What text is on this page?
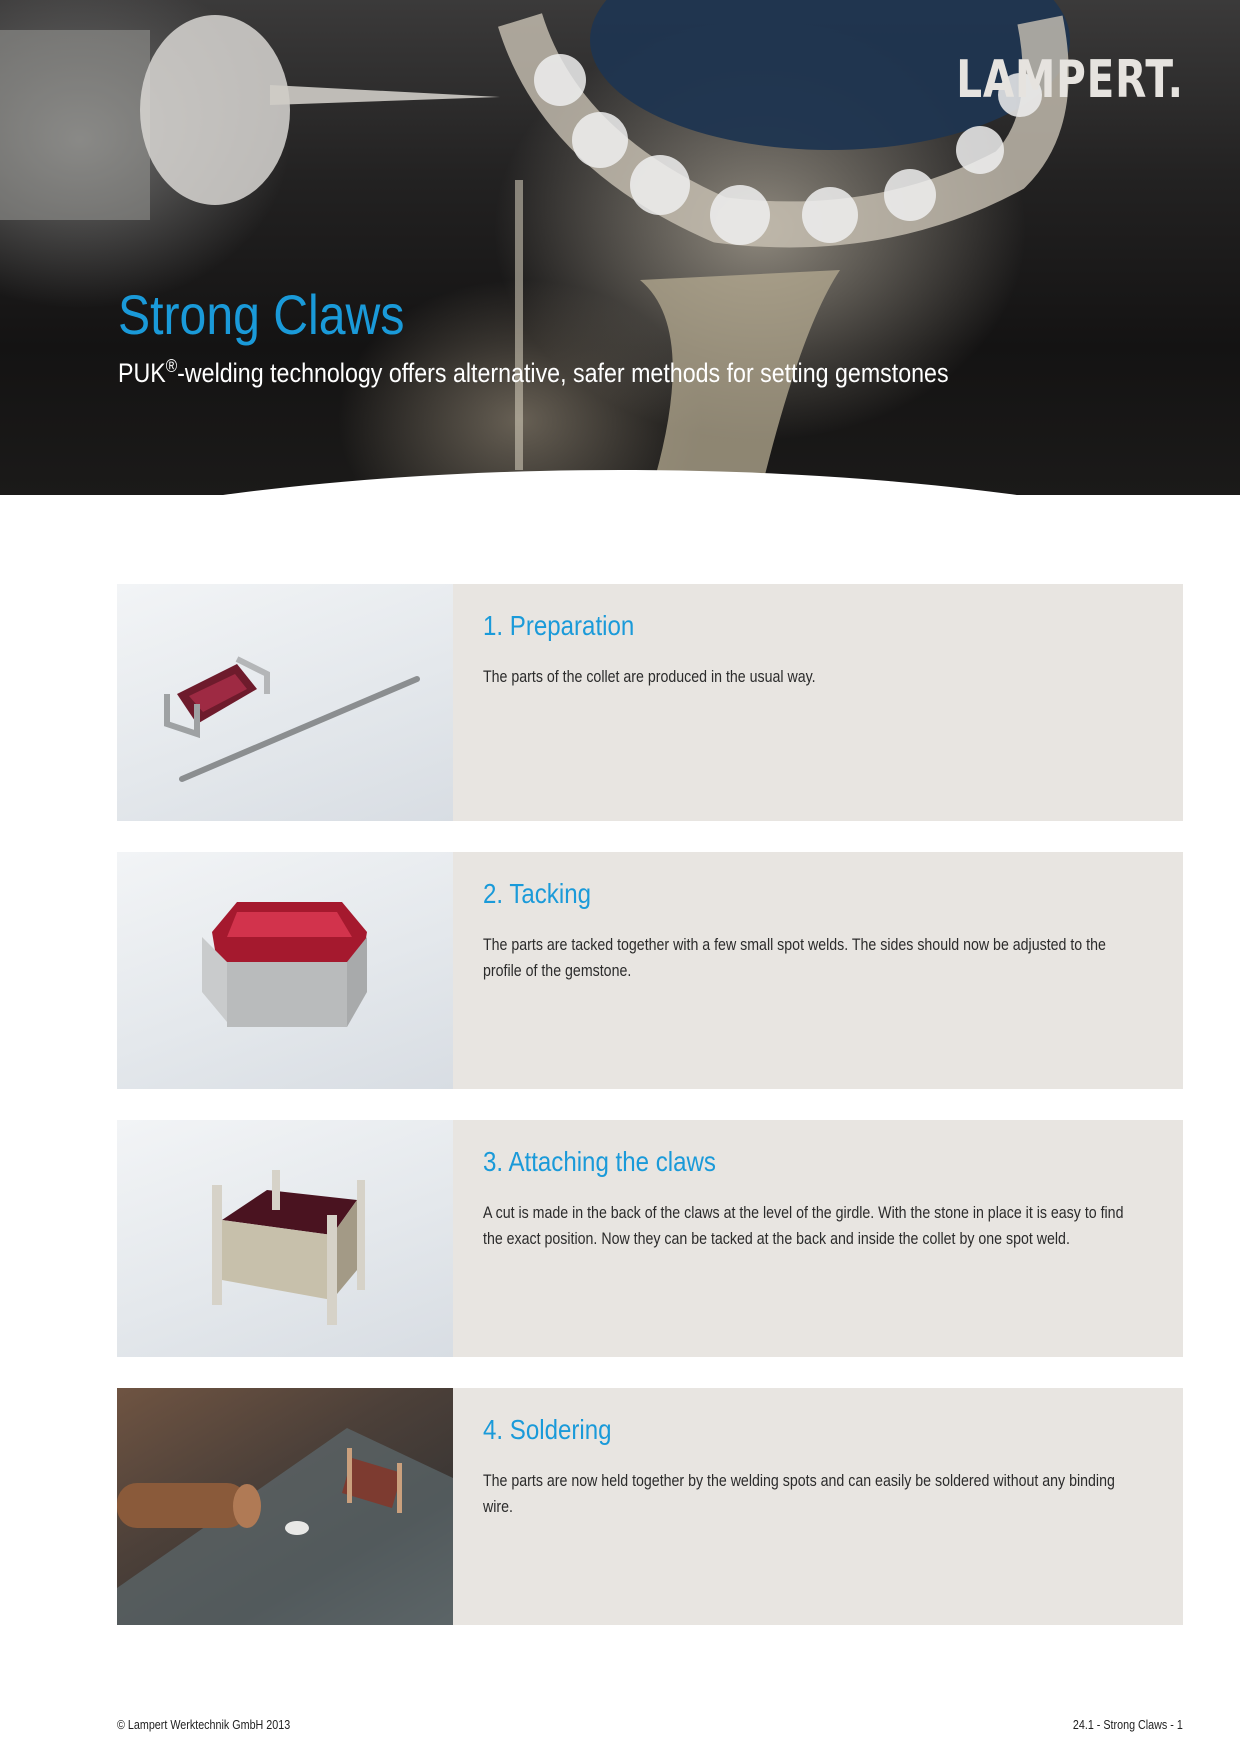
LAMPERT.
Strong Claws

PUK®-welding technology offers alternative, safer methods for setting gemstones

1. Preparation

The parts of the collet are produced in the usual way.

2. Tacking

The parts are tacked together with a few small spot welds. The sides should now be adjusted to the profile of the gemstone.

3. Attaching the claws

A cut is made in the back of the claws at the level of the girdle. With the stone in place it is easy to find the exact position. Now they can be tacked at the back and inside the collet by one spot weld.

4. Soldering

The parts are now held together by the welding spots and can easily be soldered without any binding wire.

© Lampert Werktechnik GmbH 2013	24.1 - Strong Claws - 1
